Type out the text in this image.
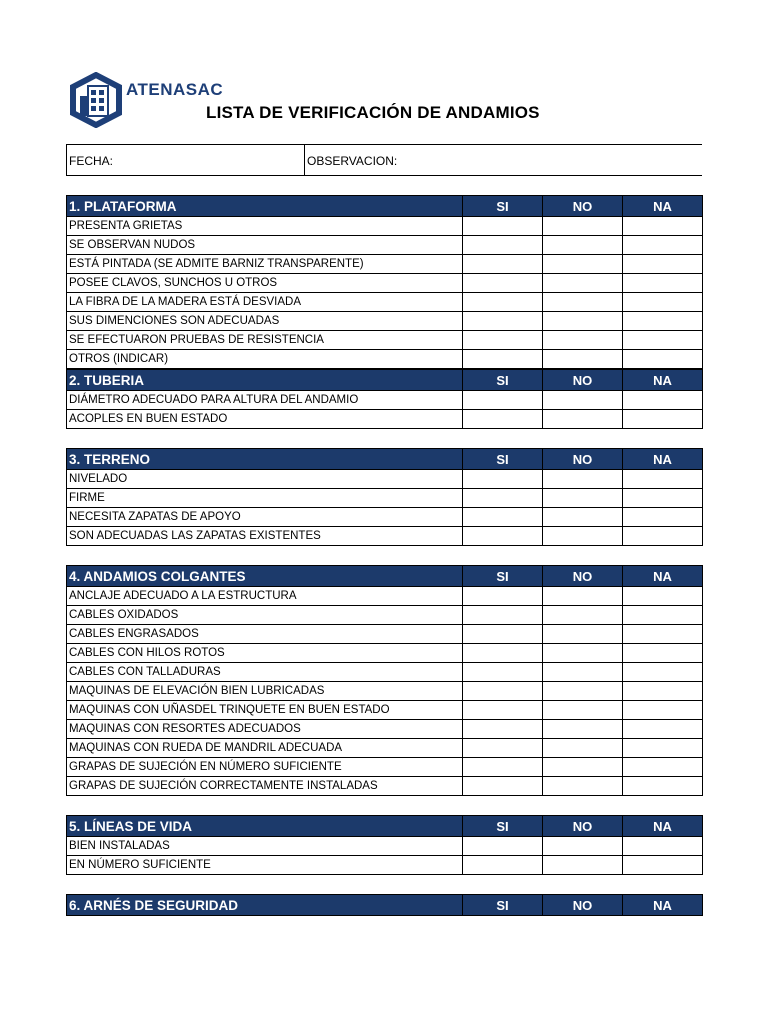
ATENASAC
LISTA DE VERIFICACIÓN DE ANDAMIOS
FECHA:	OBSERVACION:
1. PLATAFORMA	SI	NO	NA
PRESENTA GRIETAS			
SE OBSERVAN NUDOS			
ESTÁ PINTADA (SE ADMITE BARNIZ TRANSPARENTE)			
POSEE CLAVOS, SUNCHOS U OTROS			
LA FIBRA DE LA MADERA ESTÁ DESVIADA			
SUS DIMENCIONES SON ADECUADAS			
SE EFECTUARON PRUEBAS DE RESISTENCIA			
OTROS (INDICAR)			
2. TUBERIA	SI	NO	NA
DIÁMETRO ADECUADO PARA ALTURA DEL ANDAMIO			
ACOPLES EN BUEN ESTADO			
3. TERRENO	SI	NO	NA
NIVELADO			
FIRME			
NECESITA ZAPATAS DE APOYO			
SON ADECUADAS LAS ZAPATAS EXISTENTES			
4. ANDAMIOS COLGANTES	SI	NO	NA
ANCLAJE ADECUADO A LA ESTRUCTURA			
CABLES OXIDADOS			
CABLES ENGRASADOS			
CABLES CON HILOS ROTOS			
CABLES CON TALLADURAS			
MAQUINAS DE ELEVACIÓN BIEN LUBRICADAS			
MAQUINAS CON UÑASDEL TRINQUETE EN BUEN ESTADO			
MAQUINAS CON RESORTES ADECUADOS			
MAQUINAS CON RUEDA DE MANDRIL ADECUADA			
GRAPAS DE SUJECIÓN EN NÚMERO SUFICIENTE			
GRAPAS DE SUJECIÓN CORRECTAMENTE INSTALADAS			
5. LÍNEAS DE VIDA	SI	NO	NA
BIEN INSTALADAS			
EN NÚMERO SUFICIENTE			
6. ARNÉS DE SEGURIDAD	SI	NO	NA
